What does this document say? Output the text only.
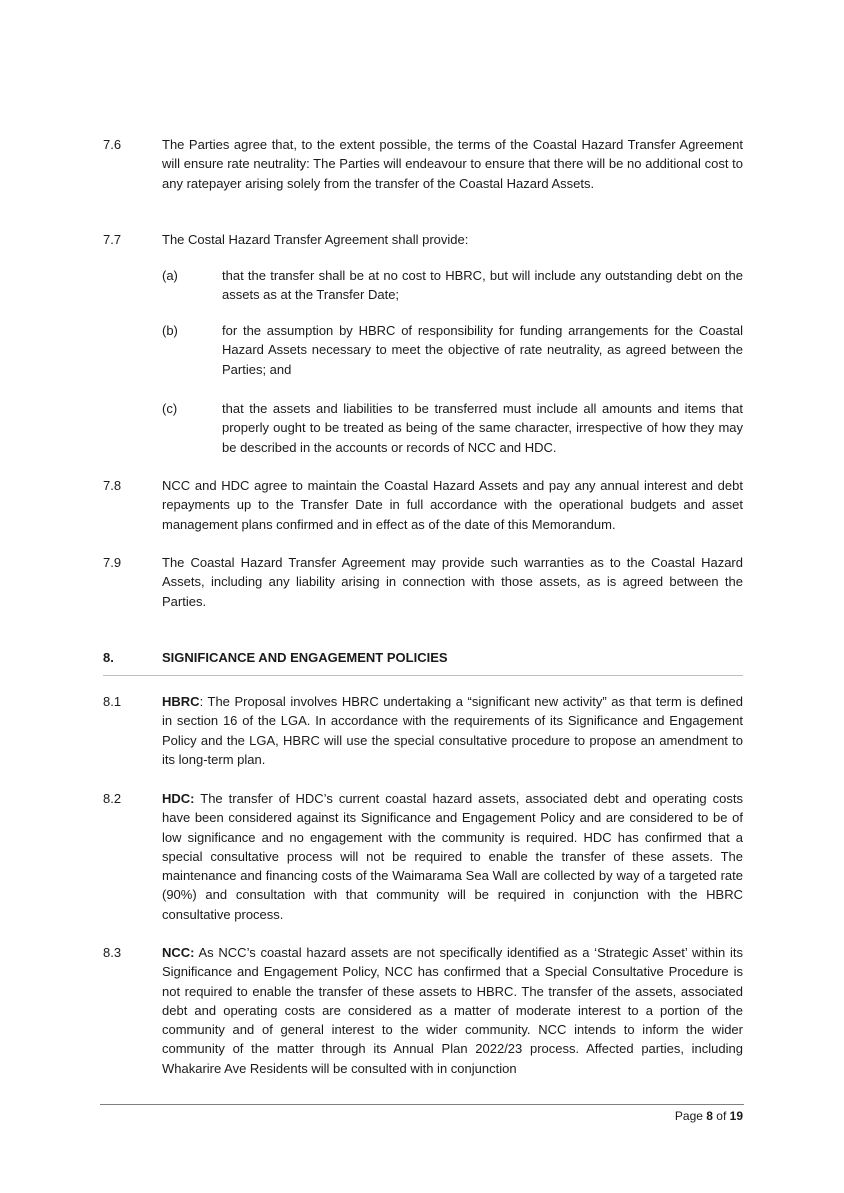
7.6	The Parties agree that, to the extent possible, the terms of the Coastal Hazard Transfer Agreement will ensure rate neutrality: The Parties will endeavour to ensure that there will be no additional cost to any ratepayer arising solely from the transfer of the Coastal Hazard Assets.
7.7	The Costal Hazard Transfer Agreement shall provide:
(a)	that the transfer shall be at no cost to HBRC, but will include any outstanding debt on the assets as at the Transfer Date;
(b)	for the assumption by HBRC of responsibility for funding arrangements for the Coastal Hazard Assets necessary to meet the objective of rate neutrality, as agreed between the Parties; and
(c)	that the assets and liabilities to be transferred must include all amounts and items that properly ought to be treated as being of the same character, irrespective of how they may be described in the accounts or records of NCC and HDC.
7.8	NCC and HDC agree to maintain the Coastal Hazard Assets and pay any annual interest and debt repayments up to the Transfer Date in full accordance with the operational budgets and asset management plans confirmed and in effect as of the date of this Memorandum.
7.9	The Coastal Hazard Transfer Agreement may provide such warranties as to the Coastal Hazard Assets, including any liability arising in connection with those assets, as is agreed between the Parties.
8.	SIGNIFICANCE AND ENGAGEMENT POLICIES
8.1	HBRC: The Proposal involves HBRC undertaking a “significant new activity” as that term is defined in section 16 of the LGA. In accordance with the requirements of its Significance and Engagement Policy and the LGA, HBRC will use the special consultative procedure to propose an amendment to its long-term plan.
8.2	HDC: The transfer of HDC’s current coastal hazard assets, associated debt and operating costs have been considered against its Significance and Engagement Policy and are considered to be of low significance and no engagement with the community is required. HDC has confirmed that a special consultative process will not be required to enable the transfer of these assets. The maintenance and financing costs of the Waimarama Sea Wall are collected by way of a targeted rate (90%) and consultation with that community will be required in conjunction with the HBRC consultative process.
8.3	NCC: As NCC’s coastal hazard assets are not specifically identified as a ‘Strategic Asset’ within its Significance and Engagement Policy, NCC has confirmed that a Special Consultative Procedure is not required to enable the transfer of these assets to HBRC. The transfer of the assets, associated debt and operating costs are considered as a matter of moderate interest to a portion of the community and of general interest to the wider community. NCC intends to inform the wider community of the matter through its Annual Plan 2022/23 process. Affected parties, including Whakarire Ave Residents will be consulted with in conjunction
Page 8 of 19
